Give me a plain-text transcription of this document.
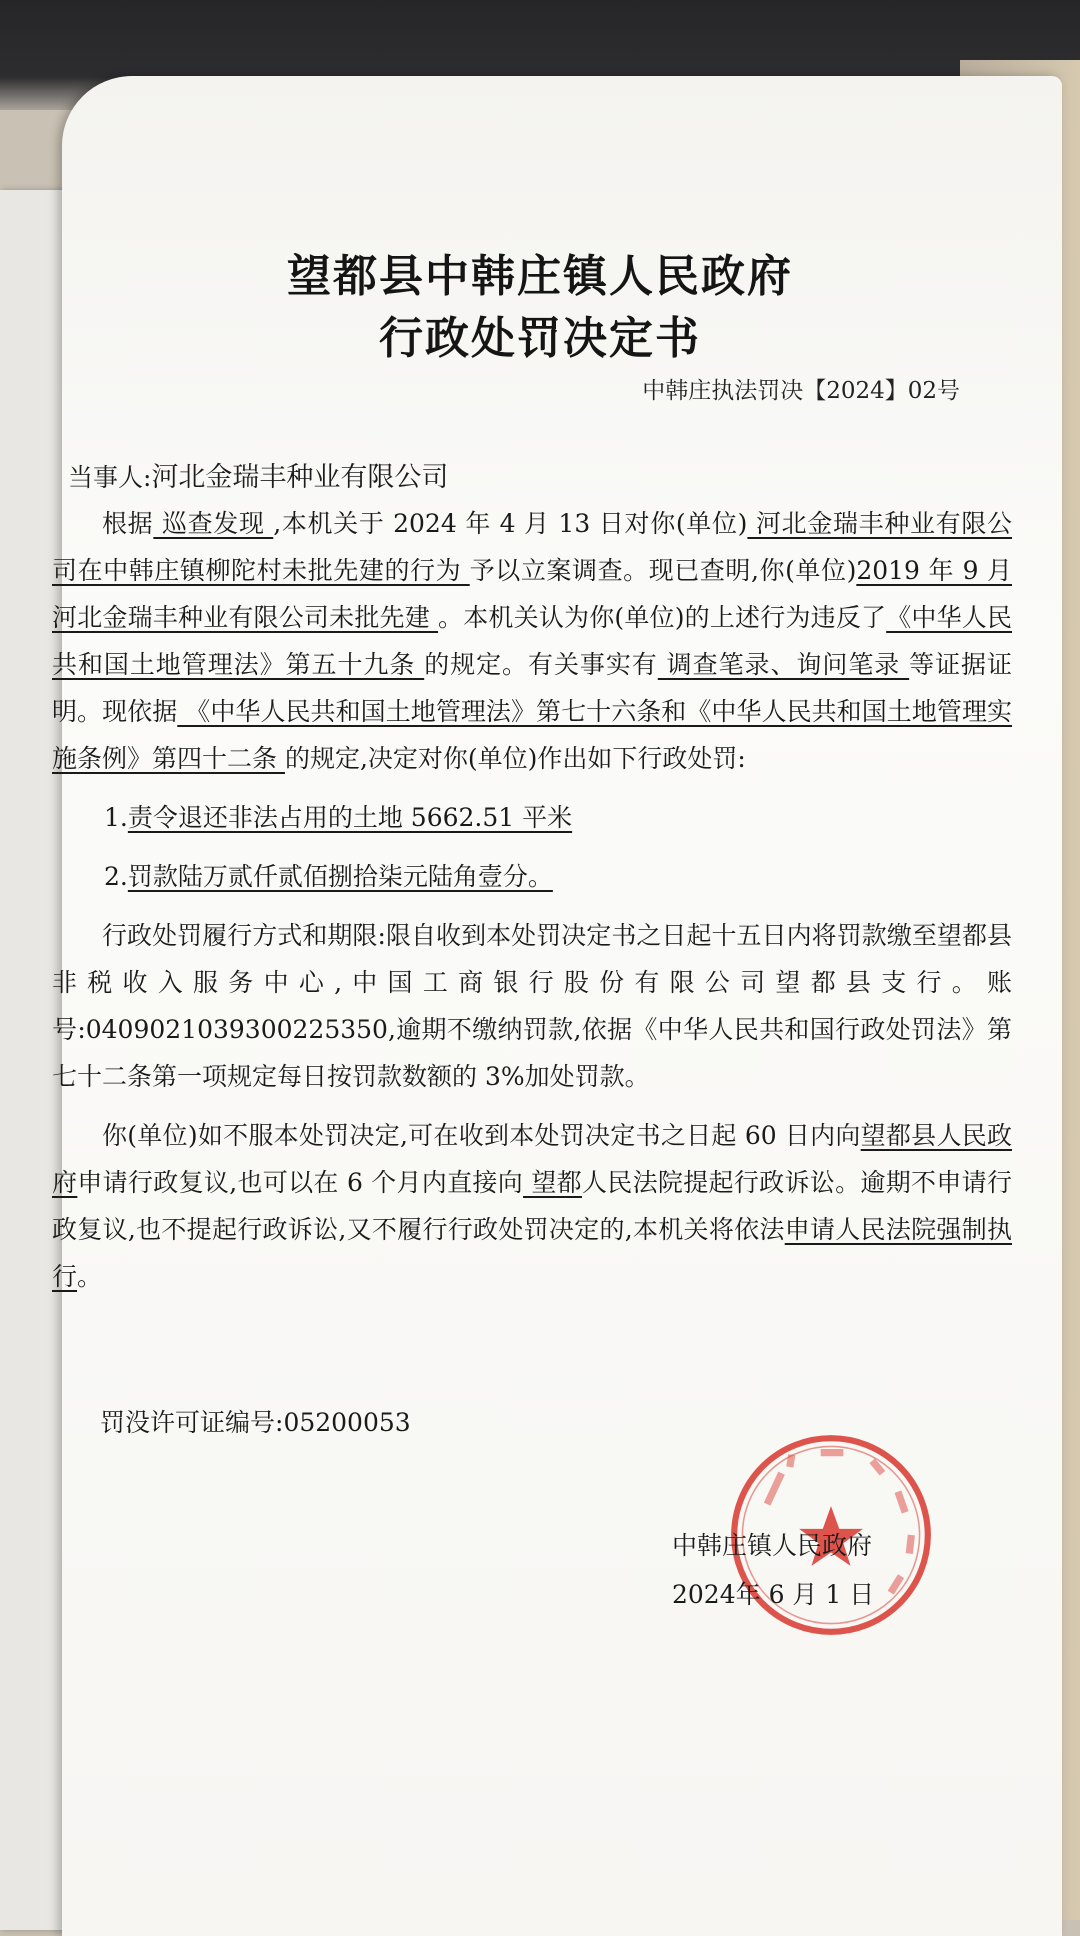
望都县中韩庄镇人民政府
行政处罚决定书
中韩庄执法罚决【2024】02号
当事人:河北金瑞丰种业有限公司

根据 巡查发现 ,本机关于 2024 年 4 月 13 日对你(单位) 河北金瑞丰种业有限公司在中韩庄镇柳陀村未批先建的行为 予以立案调查。现已查明,你(单位)2019 年 9 月河北金瑞丰种业有限公司未批先建 。本机关认为你(单位)的上述行为违反了《中华人民共和国土地管理法》第五十九条 的规定。有关事实有 调查笔录、询问笔录 等证据证明。现依据 《中华人民共和国土地管理法》第七十六条和《中华人民共和国土地管理实施条例》第四十二条 的规定,决定对你(单位)作出如下行政处罚:

1.责令退还非法占用的土地 5662.51 平米

2.罚款陆万贰仟贰佰捌拾柒元陆角壹分。

行政处罚履行方式和期限:限自收到本处罚决定书之日起十五日内将罚款缴至望都县非税收入服务中心,中国工商银行股份有限公司望都县支行。账号:0409021039300225350,逾期不缴纳罚款,依据《中华人民共和国行政处罚法》第七十二条第一项规定每日按罚款数额的 3%加处罚款。

你(单位)如不服本处罚决定,可在收到本处罚决定书之日起 60 日内向望都县人民政府申请行政复议,也可以在 6 个月内直接向 望都人民法院提起行政诉讼。逾期不申请行政复议,也不提起行政诉讼,又不履行行政处罚决定的,本机关将依法申请人民法院强制执行。

罚没许可证编号:05200053
中韩庄镇人民政府
2024年 6 月 1 日
